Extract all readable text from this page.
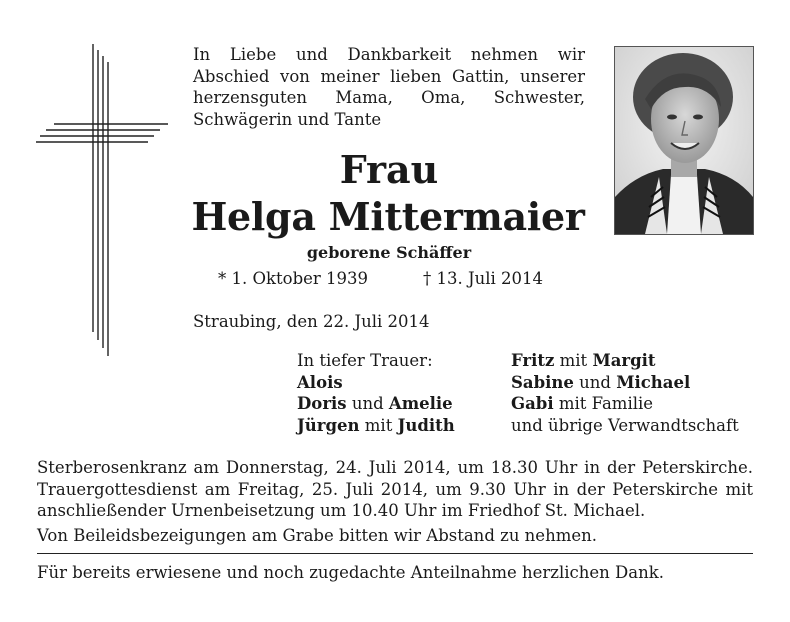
In Liebe und Dankbarkeit nehmen wir Abschied von meiner lieben Gattin, unserer herzensguten Mama, Oma, Schwester, Schwägerin und Tante
Frau
Helga Mittermaier
geborene Schäffer
* 1. Oktober 1939	† 13. Juli 2014
Straubing, den 22. Juli 2014
In tiefer Trauer:
Alois
Doris und Amelie
Jürgen mit Judith
Fritz mit Margit
Sabine und Michael
Gabi mit Familie
und übrige Verwandtschaft

Sterberosenkranz am Donnerstag, 24. Juli 2014, um 18.30 Uhr in der Peterskirche. Trauergottesdienst am Freitag, 25. Juli 2014, um 9.30 Uhr in der Peterskirche mit anschließender Urnenbeisetzung um 10.40 Uhr im Friedhof St. Michael.

Von Beileidsbezeigungen am Grabe bitten wir Abstand zu nehmen.

Für bereits erwiesene und noch zugedachte Anteilnahme herzlichen Dank.
